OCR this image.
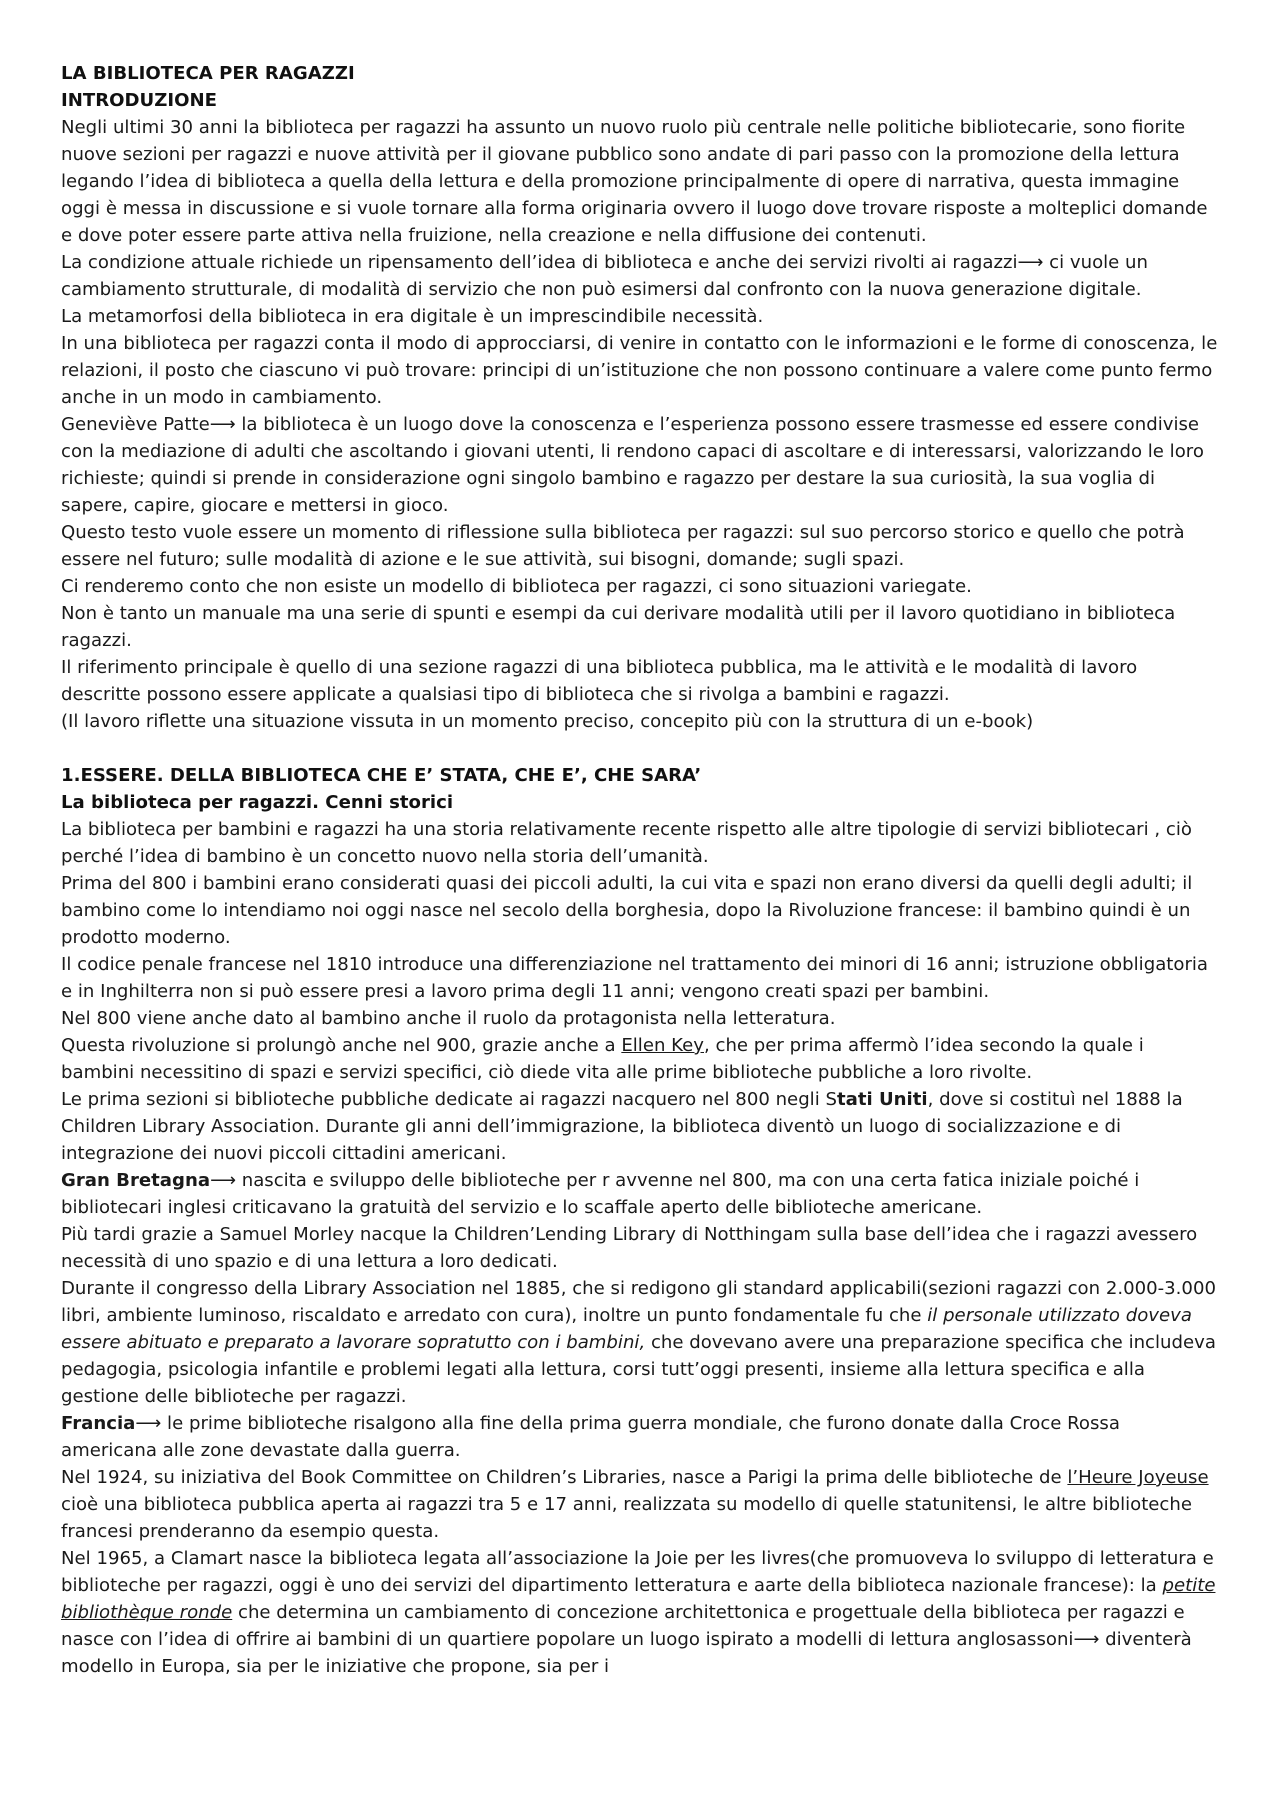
LA BIBLIOTECA PER RAGAZZI
INTRODUZIONE

Negli ultimi 30 anni la biblioteca per ragazzi ha assunto un nuovo ruolo più centrale nelle politiche bibliotecarie, sono fiorite nuove sezioni per ragazzi e nuove attività per il giovane pubblico sono andate di pari passo con la promozione della lettura legando l’idea di biblioteca a quella della lettura e della promozione principalmente di opere di narrativa, questa immagine oggi è messa in discussione e si vuole tornare alla forma originaria ovvero il luogo dove trovare risposte a molteplici domande e dove poter essere parte attiva nella fruizione, nella creazione e nella diffusione dei contenuti.

La condizione attuale richiede un ripensamento dell’idea di biblioteca e anche dei servizi rivolti ai ragazzi⟶ ci vuole un cambiamento strutturale, di modalità di servizio che non può esimersi dal confronto con la nuova generazione digitale.

La metamorfosi della biblioteca in era digitale è un imprescindibile necessità.

In una biblioteca per ragazzi conta il modo di approcciarsi, di venire in contatto con le informazioni e le forme di conoscenza, le relazioni, il posto che ciascuno vi può trovare: principi di un’istituzione che non possono continuare a valere come punto fermo anche in un modo in cambiamento.

Geneviève Patte⟶ la biblioteca è un luogo dove la conoscenza e l’esperienza possono essere trasmesse ed essere condivise con la mediazione di adulti che ascoltando i giovani utenti, li rendono capaci di ascoltare e di interessarsi, valorizzando le loro richieste; quindi si prende in considerazione ogni singolo bambino e ragazzo per destare la sua curiosità, la sua voglia di sapere, capire, giocare e mettersi in gioco.

Questo testo vuole essere un momento di riflessione sulla biblioteca per ragazzi: sul suo percorso storico e quello che potrà essere nel futuro; sulle modalità di azione e le sue attività, sui bisogni, domande; sugli spazi.

Ci renderemo conto che non esiste un modello di biblioteca per ragazzi, ci sono situazioni variegate.

Non è tanto un manuale ma una serie di spunti e esempi da cui derivare modalità utili per il lavoro quotidiano in biblioteca ragazzi.

Il riferimento principale è quello di una sezione ragazzi di una biblioteca pubblica, ma le attività e le modalità di lavoro descritte possono essere applicate a qualsiasi tipo di biblioteca che si rivolga a bambini e ragazzi.

(Il lavoro riflette una situazione vissuta in un momento preciso, concepito più con la struttura di un e-book)

1.ESSERE. DELLA BIBLIOTECA CHE E’ STATA, CHE E’, CHE SARA’
La biblioteca per ragazzi. Cenni storici

La biblioteca per bambini e ragazzi ha una storia relativamente recente rispetto alle altre tipologie di servizi bibliotecari , ciò perché l’idea di bambino è un concetto nuovo nella storia dell’umanità.

Prima del 800 i bambini erano considerati quasi dei piccoli adulti, la cui vita e spazi non erano diversi da quelli degli adulti; il bambino come lo intendiamo noi oggi nasce nel secolo della borghesia, dopo la Rivoluzione francese: il bambino quindi è un prodotto moderno.

Il codice penale francese nel 1810 introduce una differenziazione nel trattamento dei minori di 16 anni; istruzione obbligatoria e in Inghilterra non si può essere presi a lavoro prima degli 11 anni; vengono creati spazi per bambini.

Nel 800 viene anche dato al bambino anche il ruolo da protagonista nella letteratura.

Questa rivoluzione si prolungò anche nel 900, grazie anche a Ellen Key, che per prima affermò l’idea secondo la quale i bambini necessitino di spazi e servizi specifici, ciò diede vita alle prime biblioteche pubbliche a loro rivolte.

Le prima sezioni si biblioteche pubbliche dedicate ai ragazzi nacquero nel 800 negli Stati Uniti, dove si costituì nel 1888 la Children Library Association. Durante gli anni dell’immigrazione, la biblioteca diventò un luogo di socializzazione e di integrazione dei nuovi piccoli cittadini americani.

Gran Bretagna⟶ nascita e sviluppo delle biblioteche per r avvenne nel 800, ma con una certa fatica iniziale poiché i bibliotecari inglesi criticavano la gratuità del servizio e lo scaffale aperto delle biblioteche americane.

Più tardi grazie a Samuel Morley nacque la Children’Lending Library di Notthingam sulla base dell’idea che i ragazzi avessero necessità di uno spazio e di una lettura a loro dedicati.

Durante il congresso della Library Association nel 1885, che si redigono gli standard applicabili(sezioni ragazzi con 2.000-3.000 libri, ambiente luminoso, riscaldato e arredato con cura), inoltre un punto fondamentale fu che il personale utilizzato doveva essere abituato e preparato a lavorare sopratutto con i bambini, che dovevano avere una preparazione specifica che includeva pedagogia, psicologia infantile e problemi legati alla lettura, corsi tutt’oggi presenti, insieme alla lettura specifica e alla gestione delle biblioteche per ragazzi.

Francia⟶ le prime biblioteche risalgono alla fine della prima guerra mondiale, che furono donate dalla Croce Rossa americana alle zone devastate dalla guerra.

Nel 1924, su iniziativa del Book Committee on Children’s Libraries, nasce a Parigi la prima delle biblioteche de l’Heure Joyeuse cioè una biblioteca pubblica aperta ai ragazzi tra 5 e 17 anni, realizzata su modello di quelle statunitensi, le altre biblioteche francesi prenderanno da esempio questa.

Nel 1965, a Clamart nasce la biblioteca legata all’associazione la Joie per les livres(che promuoveva lo sviluppo di letteratura e biblioteche per ragazzi, oggi è uno dei servizi del dipartimento letteratura e aarte della biblioteca nazionale francese): la petite bibliothèque ronde che determina un cambiamento di concezione architettonica e progettuale della biblioteca per ragazzi e nasce con l’idea di offrire ai bambini di un quartiere popolare un luogo ispirato a modelli di lettura anglosassoni⟶ diventerà modello in Europa, sia per le iniziative che propone, sia per i
